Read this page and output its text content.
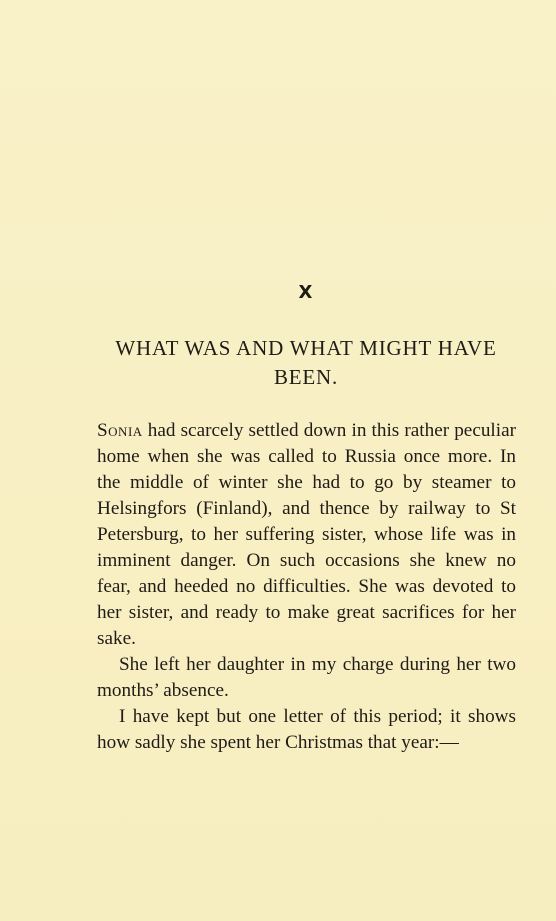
X
WHAT WAS AND WHAT MIGHT HAVE BEEN.

Sonia had scarcely settled down in this rather peculiar home when she was called to Russia once more. In the middle of winter she had to go by steamer to Helsingfors (Finland), and thence by railway to St Petersburg, to her suffering sister, whose life was in imminent danger. On such occasions she knew no fear, and heeded no difficulties. She was devoted to her sister, and ready to make great sacrifices for her sake.

She left her daughter in my charge during her two months’ absence.

I have kept but one letter of this period; it shows how sadly she spent her Christmas that year:—
